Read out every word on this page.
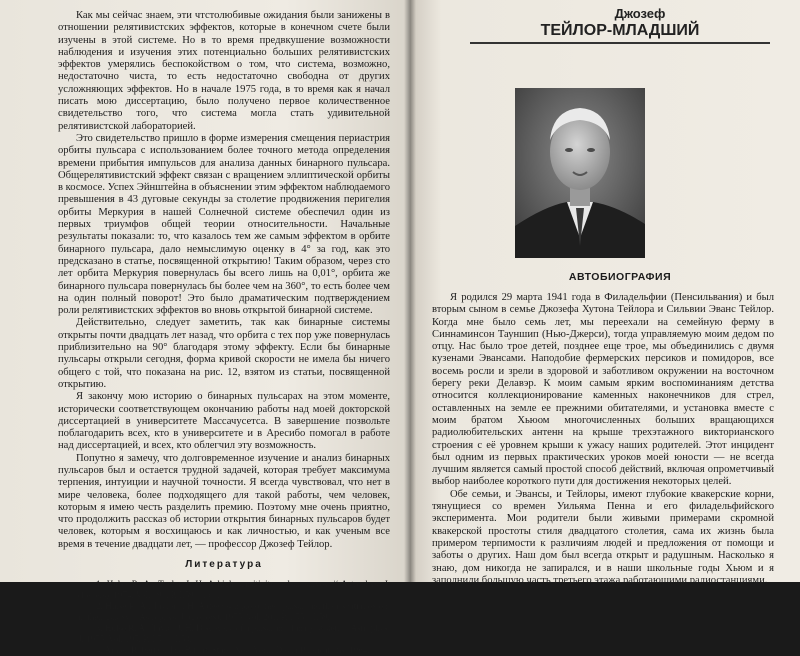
Как мы сейчас знаем, эти чтстолюбивые ожидания были занижены в отношении релятивистских эффектов, которые в конечном счете были изучены в этой системе. Но в то время предвкушение возможности наблюдения и изучения этих потенциально больших релятивистских эффектов умерялись беспокойством о том, что система, возможно, недостаточно чиста, то есть недостаточно свободна от других усложняющих эффектов. Но в начале 1975 года, в то время как я начал писать мою диссертацию, было получено первое количественное свидетельство того, что система могла стать удивительной релятивистской лабораторией.

Это свидетельство пришло в форме измерения смещения периастрия орбиты пульсара с использованием более точного метода определения времени прибытия импульсов для анализа данных бинарного пульсара. Общерелятивистский эффект связан с вращением эллиптической орбиты в космосе. Успех Эйнштейна в объяснении этим эффектом наблюдаемого превышения в 43 дуговые секунды за столетие продвижения перигелия орбиты Меркурия в нашей Солнечной системе обеспечил один из первых триумфов общей теории относительности. Начальные результаты показали: то, что казалось тем же самым эффектом в орбите бинарного пульсара, дало немыслимую оценку в 4° за год, как это предсказано в статье, посвященной открытию! Таким образом, через сто лет орбита Меркурия повернулась бы всего лишь на 0,01°, орбита же бинарного пульсара повернулась бы более чем на 360°, то есть более чем на один полный поворот! Это было драматическим подтверждением роли релятивистских эффектов во вновь открытой бинарной системе.

Действительно, следует заметить, так как бинарные системы открыты почти двадцать лет назад, что орбита с тех пор уже повернулась приблизительно на 90° благодаря этому эффекту. Если бы бинарные пульсары открыли сегодня, форма кривой скорости не имела бы ничего общего с той, что показана на рис. 12, взятом из статьи, посвященной открытию.

Я закончу мою историю о бинарных пульсарах на этом моменте, исторически соответствующем окончанию работы над моей докторской диссертацией в университете Массачусетса. В завершение позвольте поблагодарить всех, кто в университете и в Аресибо помогал в работе над диссертацией, и всех, кто облегчил эту возможность.

Попутно я замечу, что долговременное изучение и анализ бинарных пульсаров был и остается трудной задачей, которая требует максимума терпения, интуиции и научной точности. Я всегда чувствовал, что нет в мире человека, более подходящего для такой работы, чем человек, которым я имею честь разделить премию. Поэтому мне очень приятно, что продолжить рассказ об истории открытия бинарных пульсаров будет человек, которым я восхищаюсь и как личностью, и как ученым все время в течение двадцати лет, — профессор Джозеф Тейлор.

Литература

1. Hulse R. A., Taylor J. H. A high sensitivity pulsar survey // Astrophys. J. (Letters). 1974. Vol. 191. P. L59—L61.

2. Hulse R. A., Taylor J. H. A deep sample of new pulsar and their spatial extent in their galaxy // Astrophys. J. (Letters). 1975. Vol. 201. P. L55—L59.

3. Hulse R. A., Taylor J. H. Discovery of a pulsar in a binary system // Astrophys. J. 1975. Vol. 195. P. L51—L53.

4. Aitken Robert G. The Binary Stars. New York: Dover Publications, 1964.

Джозеф
ТЕЙЛОР-МЛАДШИЙ
АВТОБИОГРАФИЯ

Я родился 29 марта 1941 года в Филадельфии (Пенсильвания) и был вторым сыном в семье Джозефа Хутона Тейлора и Сильвии Эванс Тейлор. Когда мне было семь лет, мы переехали на семейную ферму в Синнаминсон Тауншип (Нью-Джерси), тогда управляемую моим дедом по отцу. Нас было трое детей, позднее еще трое, мы объединились с двумя кузенами Эвансами. Наподобие фермерских персиков и помидоров, все восемь росли и зрели в здоровой и заботливом окружении на восточном берегу реки Делавэр. К моим самым ярким воспоминаниям детства относится коллекционирование каменных наконечников для стрел, оставленных на земле ее прежними обитателями, и установка вместе с моим братом Хьюом многочисленных больших вращающихся радиолюбительских антенн на крыше трехэтажного викторианского строения с её уровнем крыши к ужасу наших родителей. Этот инцидент был одним из первых практических уроков моей юности — не всегда лучшим является самый простой способ действий, включая опрометчивый выбор наиболее короткого пути для достижения некоторых целей.

Обе семьи, и Эвансы, и Тейлоры, имеют глубокие квакерские корни, тянущиеся со времен Уильяма Пенна и его филадельфийского эксперимента. Мои родители были живыми примерами скромной квакерской простоты стиля двадцатого столетия, сама их жизнь была примером терпимости к различиям людей и предложения от помощи и заботы о других. Наш дом был всегда открыт и радушным. Насколько я знаю, дом никогда не запирался, и в наши школьные годы Хьюм и я заполнили большую часть третьего этажа работающими радиостанциями.
